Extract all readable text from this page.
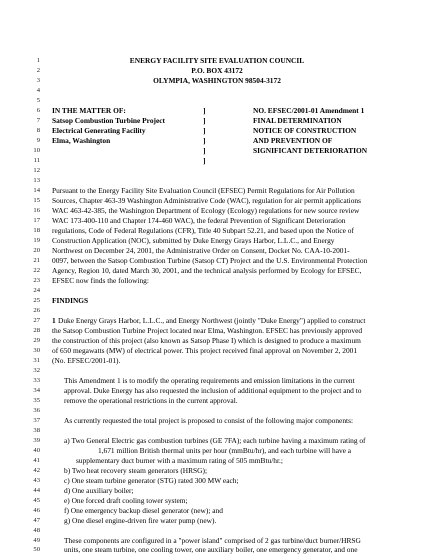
1	ENERGY FACILITY SITE EVALUATION COUNCIL
2	P.O. BOX 43172
3	OLYMPIA, WASHINGTON 98504-3172
4
5
6 IN THE MATTER OF:	]	NO. EFSEC/2001-01 Amendment 1
7 Satsop Combustion Turbine Project	]	FINAL DETERMINATION
8 Electrical Generating Facility	]	NOTICE OF CONSTRUCTION
9 Elma, Washington	]	AND PREVENTION OF
10	]	SIGNIFICANT DETERIORATION
11	]
12
13
14 Pursuant to the Energy Facility Site Evaluation Council (EFSEC) Permit Regulations for Air Pollution
15 Sources, Chapter 463-39 Washington Administrative Code (WAC), regulation for air permit applications
16 WAC 463-42-385, the Washington Department of Ecology (Ecology) regulations for new source review
17 WAC 173-400-110 and Chapter 174-460 WAC), the federal Prevention of Significant Deterioration
18 regulations, Code of Federal Regulations (CFR), Title 40 Subpart 52.21, and based upon the Notice of
19 Construction Application (NOC), submitted by Duke Energy Grays Harbor, L.L.C., and Energy
20 Northwest on December 24, 2001, the Administrative Order on Consent, Docket No. CAA-10-2001-
21 0097, between the Satsop Combustion Turbine (Satsop CT) Project and the U.S. Environmental Protection
22 Agency, Region 10, dated March 30, 2001, and the technical analysis performed by Ecology for EFSEC,
23 EFSEC now finds the following:
24
25 FINDINGS
26
27 1 Duke Energy Grays Harbor, L.L.C., and Energy Northwest (jointly "Duke Energy") applied to construct
28 the Satsop Combustion Turbine Project located near Elma, Washington. EFSEC has previously approved
29 the construction of this project (also known as Satsop Phase I) which is designed to produce a maximum
30 of 650 megawatts (MW) of electrical power. This project received final approval on November 2, 2001
31 (No. EFSEC/2001-01).
32
33	This Amendment 1 is to modify the operating requirements and emission limitations in the current
34	approval. Duke Energy has also requested the inclusion of additional equipment to the project and to
35	remove the operational restrictions in the current approval.
36
37	As currently requested the total project is proposed to consist of the following major components:
38
39	a) Two General Electric gas combustion turbines (GE 7FA); each turbine having a maximum rating of
40	1,671 million British thermal units per hour (mmBtu/hr), and each turbine will have a
41	supplementary duct burner with a maximum rating of 505 mmBtu/hr.;
42	b) Two heat recovery steam generators (HRSG);
43	c) One steam turbine generator (STG) rated 300 MW each;
44	d) One auxiliary boiler;
45	e) One forced draft cooling tower system;
46	f) One emergency backup diesel generator (new); and
47	g) One diesel engine-driven fire water pump (new).
48
49	These components are configured in a "power island" comprised of 2 gas turbine/duct burner/HRSG
50	units, one steam turbine, one cooling tower, one auxiliary boiler, one emergency generator, and one
